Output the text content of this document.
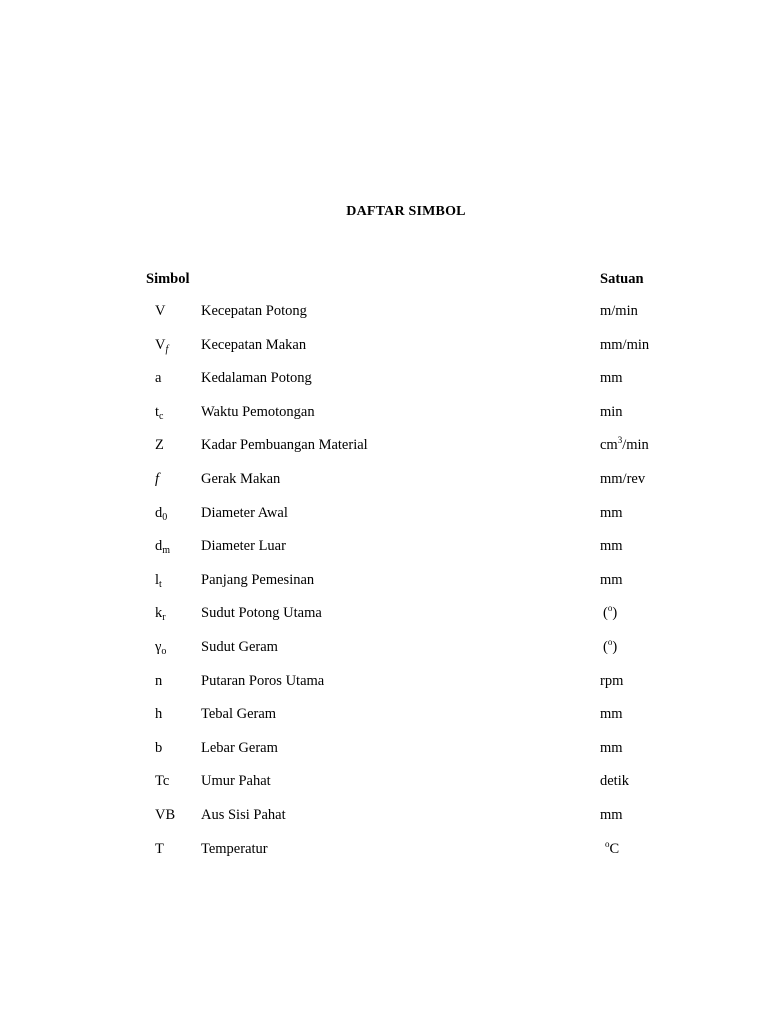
DAFTAR SIMBOL
Simbol	Satuan
V Kecepatan Potong	m/min
$V_f$ Kecepatan Makan	mm/min
a	Kedalaman Potong	mm
$t_c$	Waktu Pemotongan	min
Z	Kadar Pembuangan Material	$cm^3/\min$
f	Gerak Makan	mm/rev
$d_0$ Diameter Awal	mm
$d_m$ Diameter Luar	mm
$l_t$	Panjang Pemesinan	mm
$k_r$ Sudut Potong Utama	($^o$)
$\gamma_o$ Sudut Geram	($^o$)
n	Putaran Poros Utama	rpm
h	Tebal Geram	mm
b	Lebar Geram	mm
Tc Umur Pahat	detik
VB Aus Sisi Pahat	mm
T	Temperatur	$^o$C
